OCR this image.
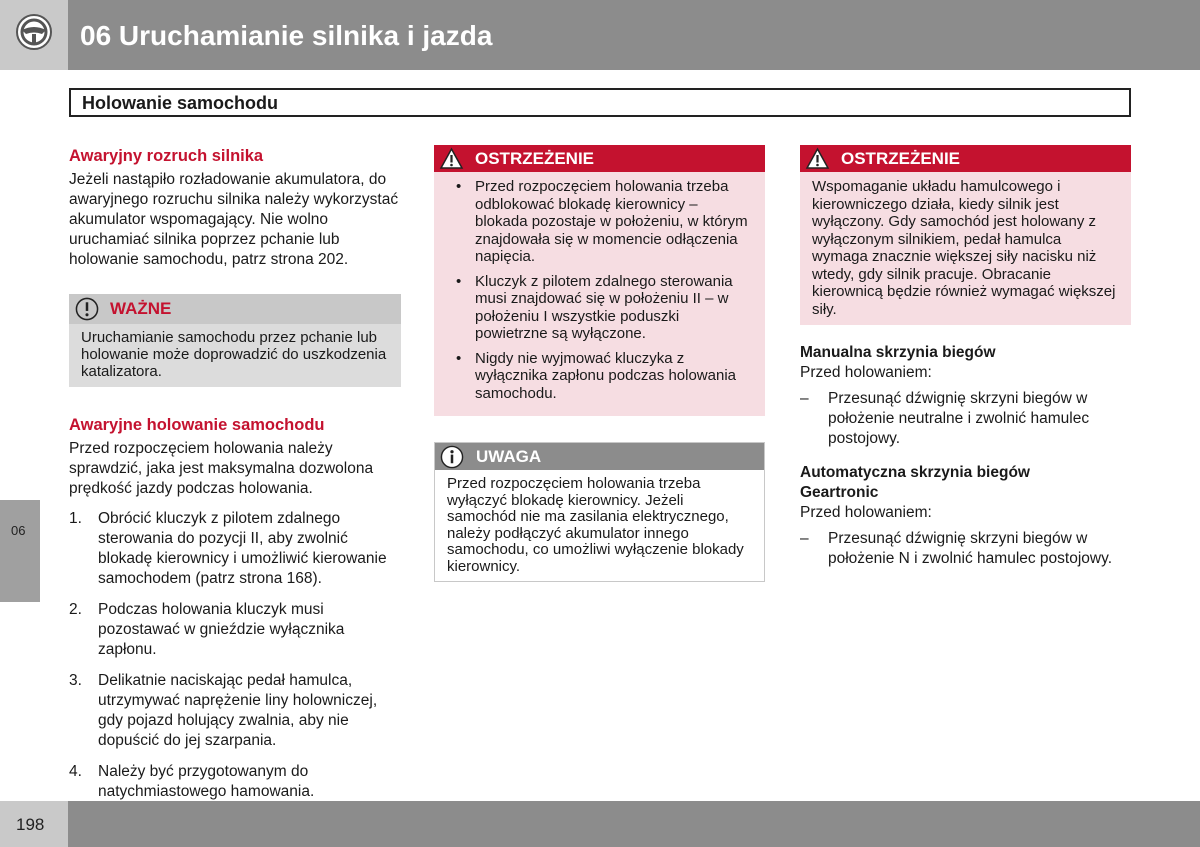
06 Uruchamianie silnika i jazda
06
Holowanie samochodu
Awaryjny rozruch silnika

Jeżeli nastąpiło rozładowanie akumulatora, do awaryjnego rozruchu silnika należy wykorzystać akumulator wspomagający. Nie wolno uruchamiać silnika poprzez pchanie lub holowanie samochodu, patrz strona 202.

WAŻNE
Uruchamianie samochodu przez pchanie lub holowanie może doprowadzić do uszkodzenia katalizatora.
Awaryjne holowanie samochodu

Przed rozpoczęciem holowania należy sprawdzić, jaka jest maksymalna dozwolona prędkość jazdy podczas holowania.

1. Obrócić kluczyk z pilotem zdalnego sterowania do pozycji II, aby zwolnić blokadę kierownicy i umożliwić kierowanie samochodem (patrz strona 168).
2. Podczas holowania kluczyk musi pozostawać w gnieździe wyłącznika zapłonu.
3. Delikatnie naciskając pedał hamulca, utrzymywać naprężenie liny holowniczej, gdy pojazd holujący zwalnia, aby nie dopuścić do jej szarpania.
4. Należy być przygotowanym do natychmiastowego hamowania.
OSTRZEŻENIE
• Przed rozpoczęciem holowania trzeba odblokować blokadę kierownicy – blokada pozostaje w położeniu, w którym znajdowała się w momencie odłączenia napięcia.
• Kluczyk z pilotem zdalnego sterowania musi znajdować się w położeniu II – w położeniu I wszystkie poduszki powietrzne są wyłączone.
• Nigdy nie wyjmować kluczyka z wyłącznika zapłonu podczas holowania samochodu.
UWAGA
Przed rozpoczęciem holowania trzeba wyłączyć blokadę kierownicy. Jeżeli samochód nie ma zasilania elektrycznego, należy podłączyć akumulator innego samochodu, co umożliwi wyłączenie blokady kierownicy.
OSTRZEŻENIE
Wspomaganie układu hamulcowego i kierowniczego działa, kiedy silnik jest wyłączony. Gdy samochód jest holowany z wyłączonym silnikiem, pedał hamulca wymaga znacznie większej siły nacisku niż wtedy, gdy silnik pracuje. Obracanie kierownicą będzie również wymagać większej siły.
Manualna skrzynia biegów

Przed holowaniem:

– Przesunąć dźwignię skrzyni biegów w położenie neutralne i zwolnić hamulec postojowy.
Automatyczna skrzynia biegów
Geartronic

Przed holowaniem:

– Przesunąć dźwignię skrzyni biegów w położenie N i zwolnić hamulec postojowy.
198
